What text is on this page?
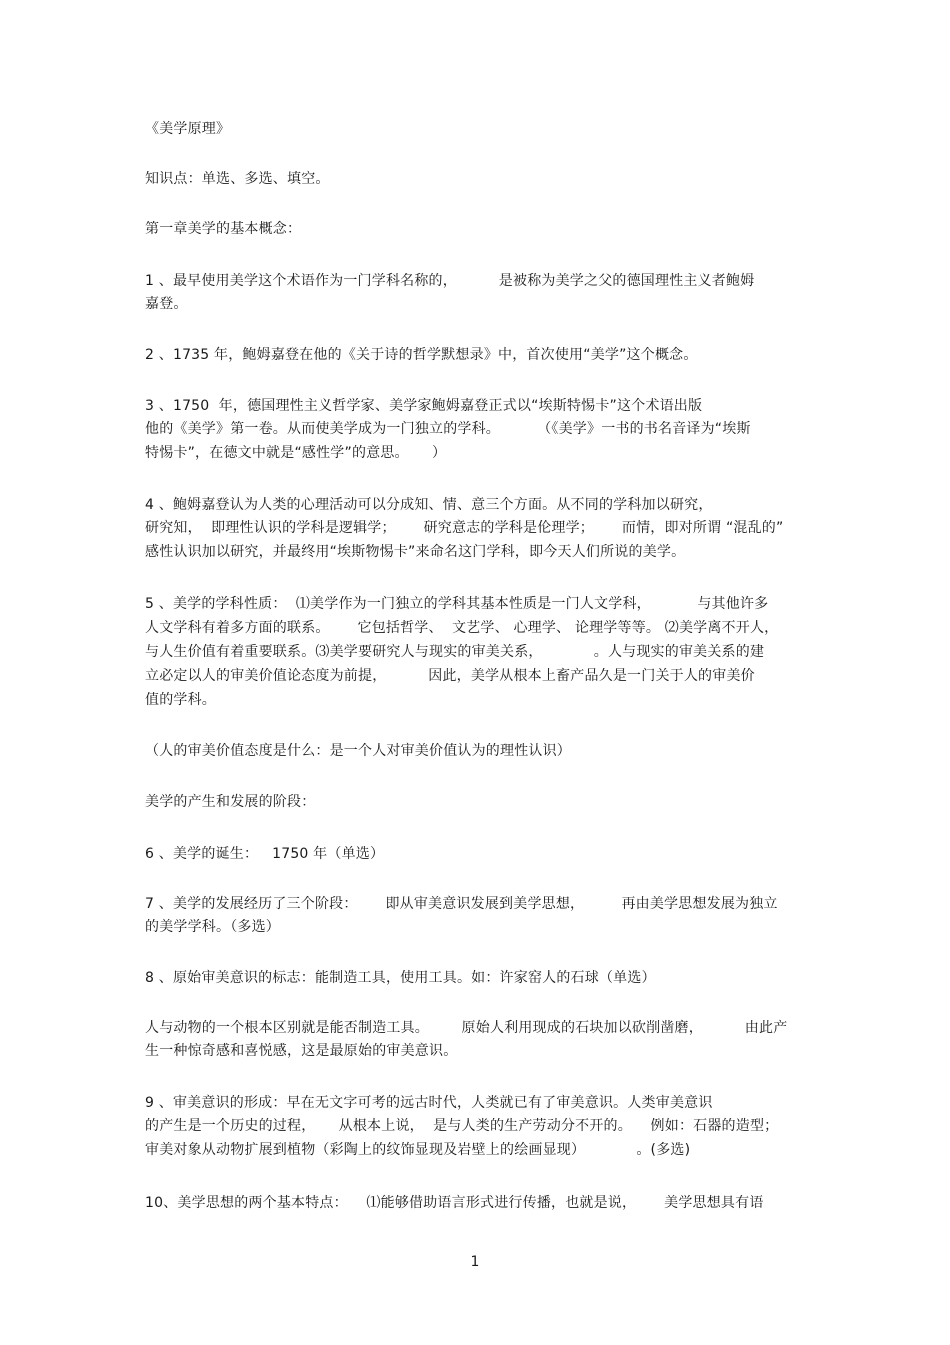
《美学原理》
知识点：单选、多选、填空。
第一章美学的基本概念：
1 、最早使用美学这个术语作为一门学科名称的，         是被称为美学之父的德国理性主义者鲍姆
嘉登。
2 、1735 年，鲍姆嘉登在他的《关于诗的哲学默想录》中，首次使用“美学”这个概念。
3 、1750  年，德国理性主义哲学家、美学家鲍姆嘉登正式以“埃斯特惕卡”这个术语出版
他的《美学》第一卷。从而使美学成为一门独立的学科。        （《美学》一书的书名音译为“埃斯
特惕卡”，在德文中就是“感性学”的意思。     ）
4 、鲍姆嘉登认为人类的心理活动可以分成知、情、意三个方面。从不同的学科加以研究，
研究知，  即理性认识的学科是逻辑学；      研究意志的学科是伦理学；      而情，即对所谓 “混乱的”
感性认识加以研究，并最终用“埃斯物惕卡”来命名这门学科，即今天人们所说的美学。
5 、美学的学科性质：  ⑴美学作为一门独立的学科其基本性质是一门人文学科，          与其他许多
人文学科有着多方面的联系。      它包括哲学、  文艺学、 心理学、 论理学等等。 ⑵美学离不开人，
与人生价值有着重要联系。⑶美学要研究人与现实的审美关系，           。人与现实的审美关系的建
立必定以人的审美价值论态度为前提，         因此，美学从根本上畜产品久是一门关于人的审美价
值的学科。
（人的审美价值态度是什么：是一个人对审美价值认为的理性认识）
美学的产生和发展的阶段：
6 、美学的诞生：   1750 年（单选）
7 、美学的发展经历了三个阶段：      即从审美意识发展到美学思想，        再由美学思想发展为独立
的美学学科。（多选）
8 、原始审美意识的标志：能制造工具，使用工具。如：许家窑人的石球（单选）
人与动物的一个根本区别就是能否制造工具。       原始人利用现成的石块加以砍削凿磨，         由此产
生一种惊奇感和喜悦感，这是最原始的审美意识。
9 、审美意识的形成：早在无文字可考的远古时代，人类就已有了审美意识。人类审美意识
的产生是一个历史的过程，     从根本上说，  是与人类的生产劳动分不开的。    例如：石器的造型；
审美对象从动物扩展到植物（彩陶上的纹饰显现及岩壁上的绘画显现）           。(多选)
10、美学思想的两个基本特点：    ⑴能够借助语言形式进行传播，也就是说，      美学思想具有语
1
